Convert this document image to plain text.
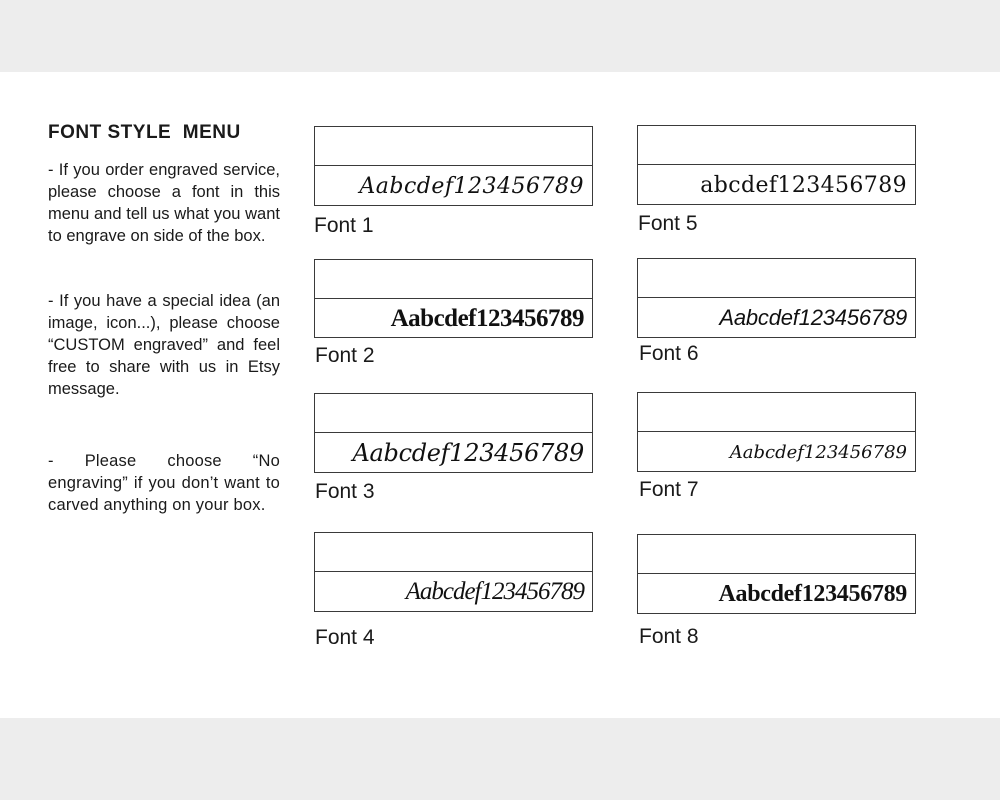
FONT STYLE  MENU

- If you order engraved service, please choose a font in this menu and tell us what you want to engrave on side of the box.

- If you have a special idea (an image, icon...), please choose “CUSTOM engraved” and feel free to share with us in Etsy message.

- Please choose “No engraving” if you don’t want to carved anything on your box.

Aabcdef123456789
Font 1
Aabcdef123456789
Font 2
Aabcdef123456789
Font 3
Aabcdef123456789
Font 4
abcdef123456789
Font 5
Aabcdef123456789
Font 6
Aabcdef123456789
Font 7
Aabcdef123456789
Font 8
